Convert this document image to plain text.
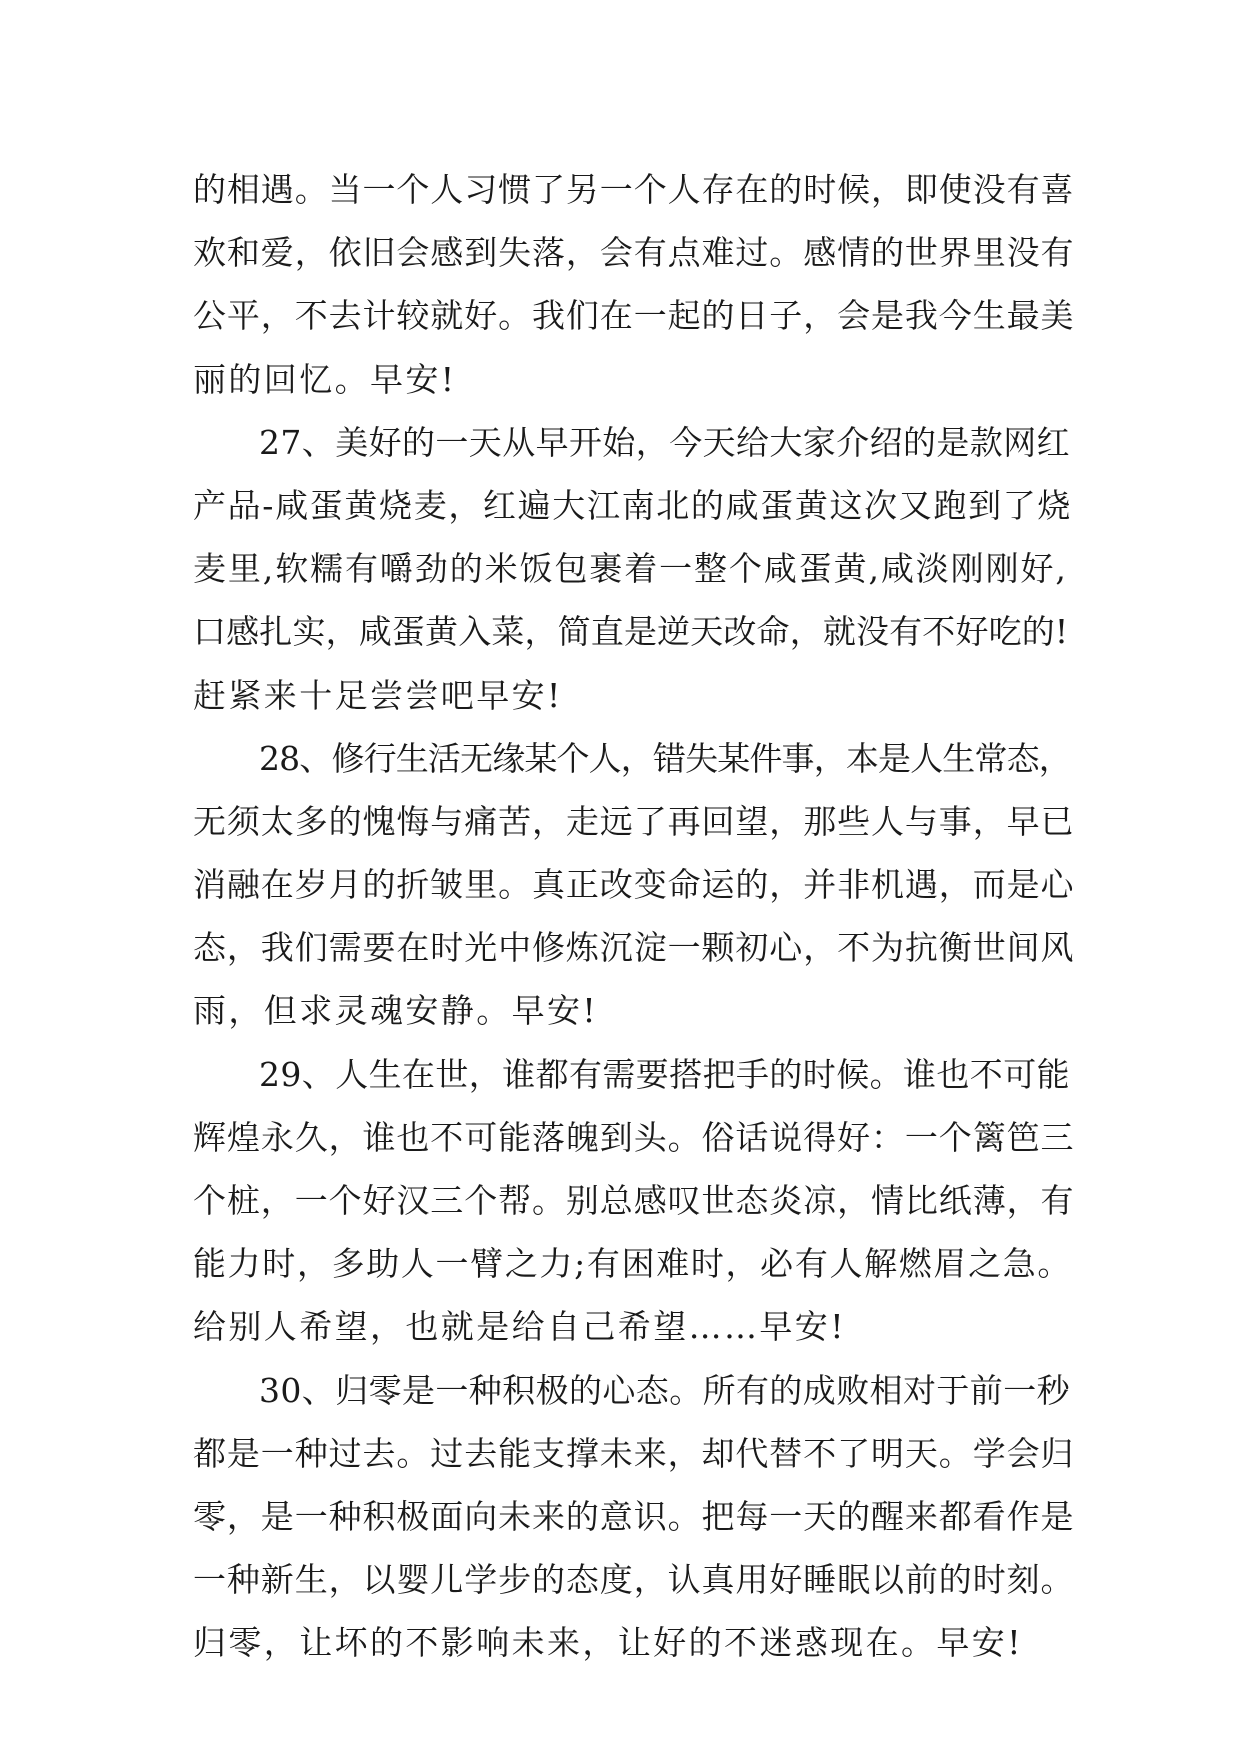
的相遇。当一个人习惯了另一个人存在的时候，即使没有喜
欢和爱，依旧会感到失落，会有点难过。感情的世界里没有
公平，不去计较就好。我们在一起的日子，会是我今生最美
丽的回忆。早安!
27、美好的一天从早开始，今天给大家介绍的是款网红
产品-咸蛋黄烧麦，红遍大江南北的咸蛋黄这次又跑到了烧
麦里,软糯有嚼劲的米饭包裹着一整个咸蛋黄,咸淡刚刚好,
口感扎实，咸蛋黄入菜，简直是逆天改命，就没有不好吃的!
赶紧来十足尝尝吧早安!
28、修行生活无缘某个人，错失某件事，本是人生常态，
无须太多的愧悔与痛苦，走远了再回望，那些人与事，早已
消融在岁月的折皱里。真正改变命运的，并非机遇，而是心
态，我们需要在时光中修炼沉淀一颗初心，不为抗衡世间风
雨，但求灵魂安静。早安!
29、人生在世，谁都有需要搭把手的时候。谁也不可能
辉煌永久，谁也不可能落魄到头。俗话说得好：一个篱笆三
个桩，一个好汉三个帮。别总感叹世态炎凉，情比纸薄，有
能力时，多助人一臂之力;有困难时，必有人解燃眉之急。
给别人希望，也就是给自己希望……早安!
30、归零是一种积极的心态。所有的成败相对于前一秒
都是一种过去。过去能支撑未来，却代替不了明天。学会归
零，是一种积极面向未来的意识。把每一天的醒来都看作是
一种新生，以婴儿学步的态度，认真用好睡眠以前的时刻。
归零，让坏的不影响未来，让好的不迷惑现在。早安!
